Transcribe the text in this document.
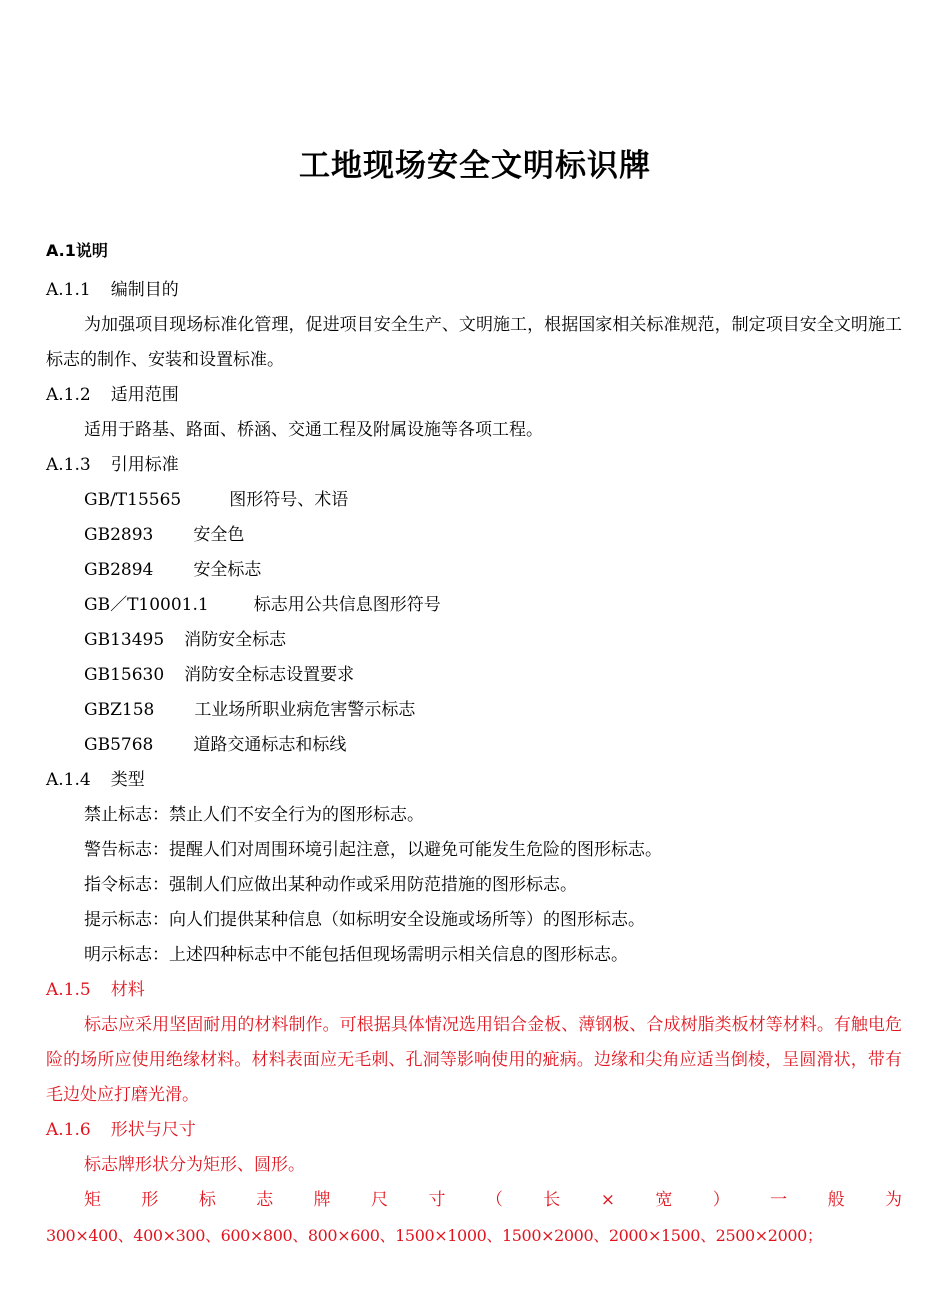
工地现场安全文明标识牌
A.1说明
A.1.1 编制目的
为加强项目现场标准化管理，促进项目安全生产、文明施工，根据国家相关标准规范，制定项目安全文明施工标志的制作、安装和设置标准。
A.1.2 适用范围
适用于路基、路面、桥涵、交通工程及附属设施等各项工程。
A.1.3 引用标准
GB/T15565	图形符号、术语
GB2893 安全色
GB2894 安全标志
GB／T10001.1	标志用公共信息图形符号
GB13495 消防安全标志
GB15630 消防安全标志设置要求
GBZ158 工业场所职业病危害警示标志
GB5768 道路交通标志和标线
A.1.4 类型
禁止标志：禁止人们不安全行为的图形标志。
警告标志：提醒人们对周围环境引起注意，以避免可能发生危险的图形标志。
指令标志：强制人们应做出某种动作或采用防范措施的图形标志。
提示标志：向人们提供某种信息（如标明安全设施或场所等）的图形标志。
明示标志：上述四种标志中不能包括但现场需明示相关信息的图形标志。
A.1.5 材料
标志应采用坚固耐用的材料制作。可根据具体情况选用铝合金板、薄钢板、合成树脂类板材等材料。有触电危险的场所应使用绝缘材料。材料表面应无毛刺、孔洞等影响使用的疵病。边缘和尖角应适当倒棱，呈圆滑状，带有毛边处应打磨光滑。
A.1.6 形状与尺寸
标志牌形状分为矩形、圆形。
矩形标志牌尺寸（长×宽）一般为
300×400、400×300、600×800、800×600、1500×1000、1500×2000、2000×1500、2500×2000；
